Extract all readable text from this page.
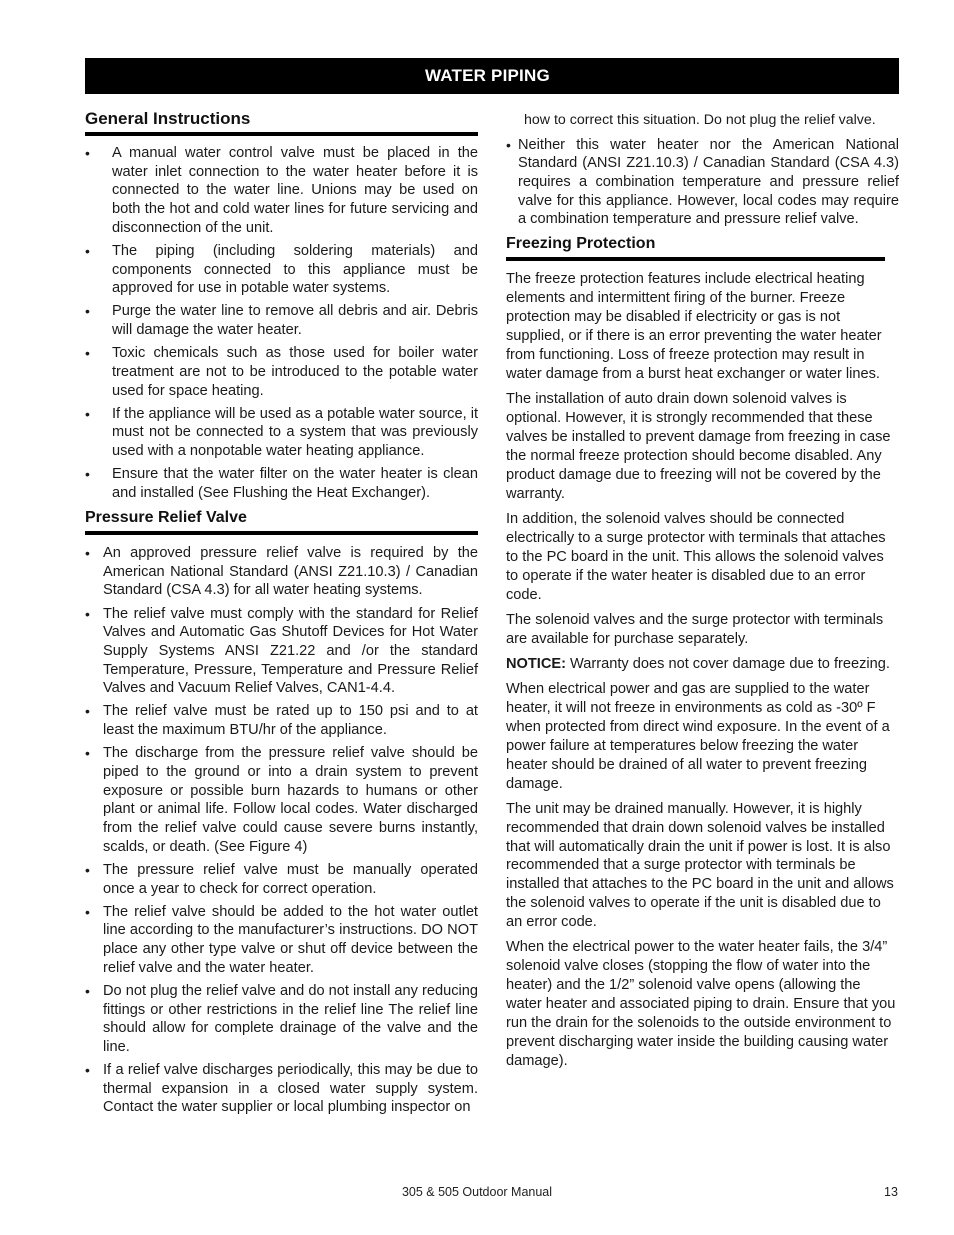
WATER PIPING
General Instructions
• A manual water control valve must be placed in the water inlet connection to the water heater before it is connected to the water line. Unions may be used on both the hot and cold water lines for future servicing and disconnection of the unit.
• The piping (including soldering materials) and components connected to this appliance must be approved for use in potable water systems.
• Purge the water line to remove all debris and air. Debris will damage the water heater.
• Toxic chemicals such as those used for boiler water treatment are not to be introduced to the potable water used for space heating.
• If the appliance will be used as a potable water source, it must not be connected to a system that was previously used with a nonpotable water heating appliance.
• Ensure that the water filter on the water heater is clean and installed (See Flushing the Heat Exchanger).
Pressure Relief Valve
• An approved pressure relief valve is required by the American National Standard (ANSI Z21.10.3) / Canadian Standard (CSA 4.3) for all water heating systems.
• The relief valve must comply with the standard for Relief Valves and Automatic Gas Shutoff Devices for Hot Water Supply Systems ANSI Z21.22 and /or the standard Temperature, Pressure, Temperature and Pressure Relief Valves and Vacuum Relief Valves, CAN1-4.4.
• The relief valve must be rated up to 150 psi and to at least the maximum BTU/hr of the appliance.
• The discharge from the pressure relief valve should be piped to the ground or into a drain system to prevent exposure or possible burn hazards to humans or other plant or animal life. Follow local codes. Water discharged from the relief valve could cause severe burns instantly, scalds, or death. (See Figure 4)
• The pressure relief valve must be manually operated once a year to check for correct operation.
• The relief valve should be added to the hot water outlet line according to the manufacturer’s instructions. DO NOT place any other type valve or shut off device between the relief valve and the water heater.
• Do not plug the relief valve and do not install any reducing fittings or other restrictions in the relief line The relief line should allow for complete drainage of the valve and the line.
• If a relief valve discharges periodically, this may be due to thermal expansion in a closed water supply system. Contact the water supplier or local plumbing inspector on
how to correct this situation. Do not plug the relief valve.
• Neither this water heater nor the American National Standard (ANSI Z21.10.3) / Canadian Standard (CSA 4.3) requires a combination temperature and pressure relief valve for this appliance. However, local codes may require a combination temperature and pressure relief valve.
Freezing Protection

The freeze protection features include electrical heating elements and intermittent firing of the burner. Freeze protection may be disabled if electricity or gas is not supplied, or if there is an error preventing the water heater from functioning. Loss of freeze protection may result in water damage from a burst heat exchanger or water lines.

The installation of auto drain down solenoid valves is optional. However, it is strongly recommended that these valves be installed to prevent damage from freezing in case the normal freeze protection should become disabled. Any product damage due to freezing will not be covered by the warranty.

In addition, the solenoid valves should be connected electrically to a surge protector with terminals that attaches to the PC board in the unit. This allows the solenoid valves to operate if the water heater is disabled due to an error code.

The solenoid valves and the surge protector with terminals are available for purchase separately.

NOTICE: Warranty does not cover damage due to freezing.

When electrical power and gas are supplied to the water heater, it will not freeze in environments as cold as -30º F when protected from direct wind exposure. In the event of a power failure at temperatures below freezing the water heater should be drained of all water to prevent freezing damage.

The unit may be drained manually. However, it is highly recommended that drain down solenoid valves be installed that will automatically drain the unit if power is lost. It is also recommended that a surge protector with terminals be installed that attaches to the PC board in the unit and allows the solenoid valves to operate if the unit is disabled due to an error code.

When the electrical power to the water heater fails, the 3/4” solenoid valve closes (stopping the flow of water into the heater) and the 1/2” solenoid valve opens (allowing the water heater and associated piping to drain. Ensure that you run the drain for the solenoids to the outside environment to prevent discharging water inside the building causing water damage).

305 & 505 Outdoor Manual	13
